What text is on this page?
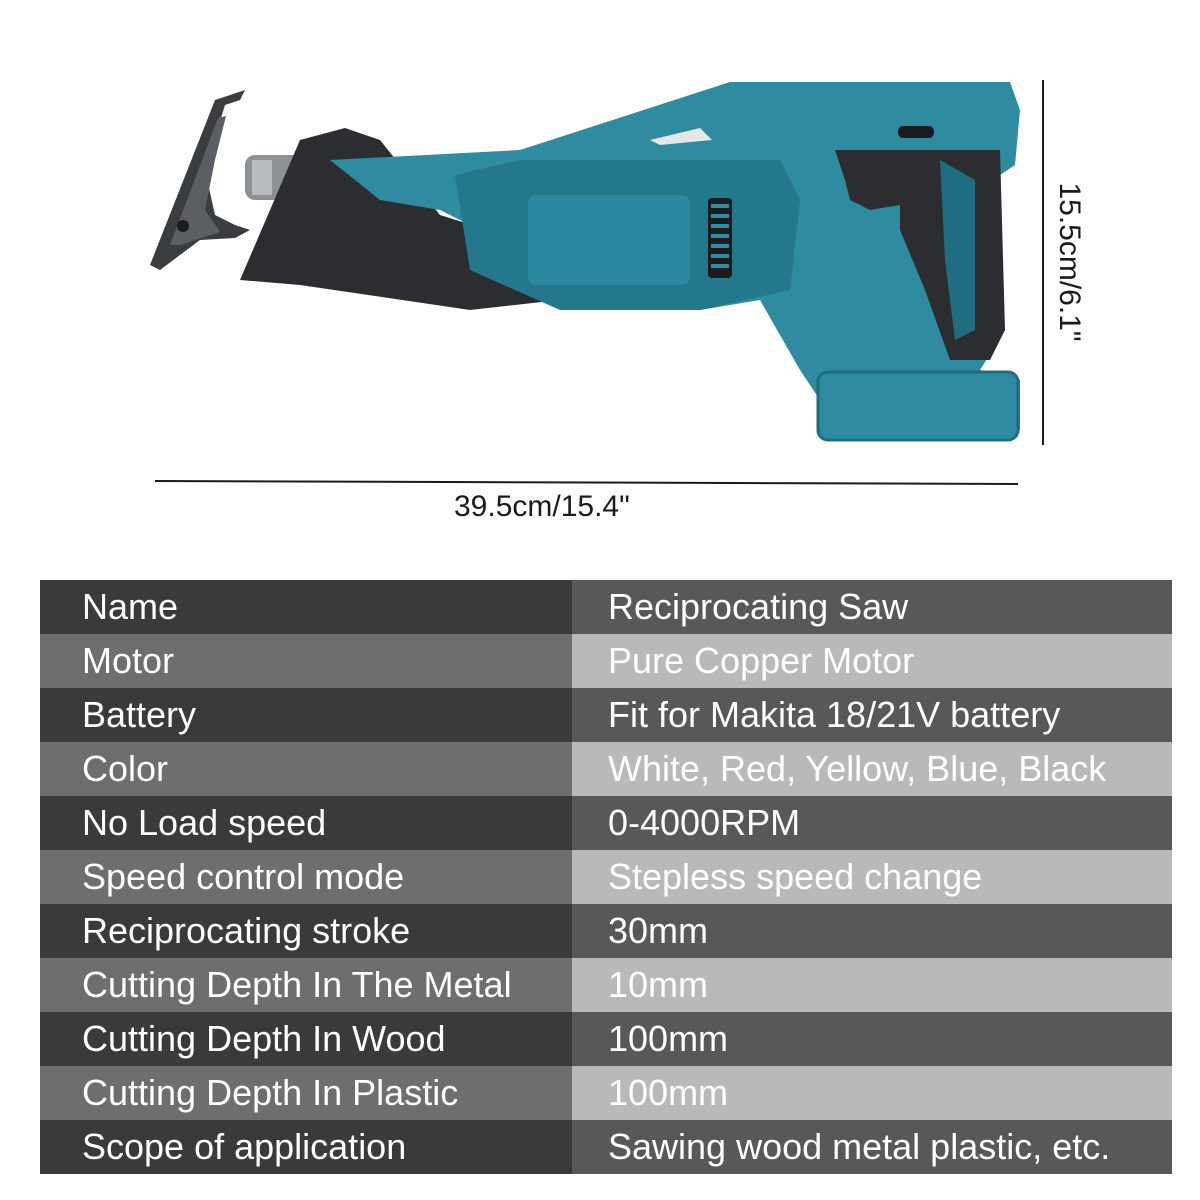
39.5cm/15.4"
15.5cm/6.1"
Name	Reciprocating Saw
Motor	Pure Copper Motor
Battery	Fit for Makita 18/21V battery
Color	White, Red, Yellow, Blue, Black
No Load speed	0-4000RPM
Speed control mode	Stepless speed change
Reciprocating stroke	30mm
Cutting Depth In The Metal	10mm
Cutting Depth In Wood	100mm
Cutting Depth In Plastic	100mm
Scope of application	Sawing wood metal plastic, etc.
